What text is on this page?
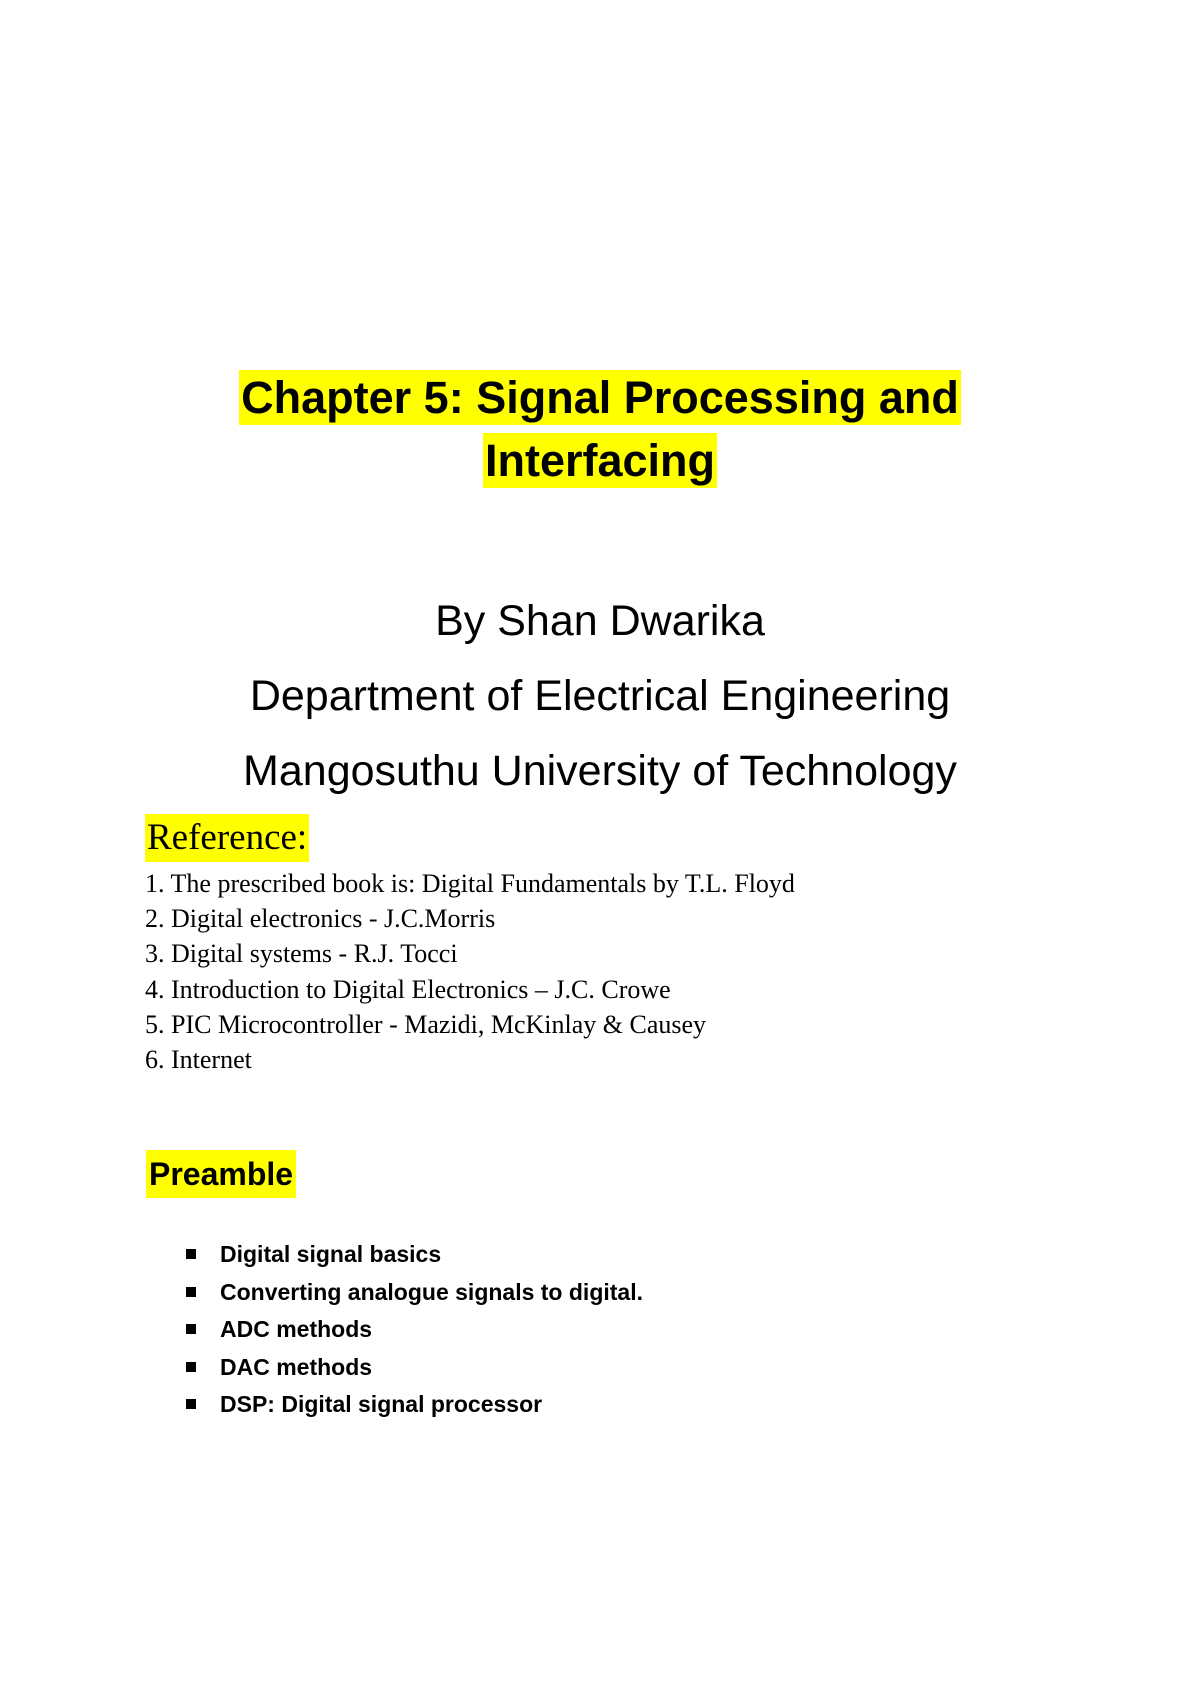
Chapter 5: Signal Processing and
Interfacing
By Shan Dwarika
Department of Electrical Engineering
Mangosuthu University of Technology
Reference:
1. The prescribed book is: Digital Fundamentals by T.L. Floyd
2. Digital electronics - J.C.Morris
3. Digital systems - R.J. Tocci
4. Introduction to Digital Electronics – J.C. Crowe
5. PIC Microcontroller - Mazidi, McKinlay & Causey
6. Internet
Preamble
Digital signal basics
Converting analogue signals to digital.
ADC methods
DAC methods
DSP: Digital signal processor
